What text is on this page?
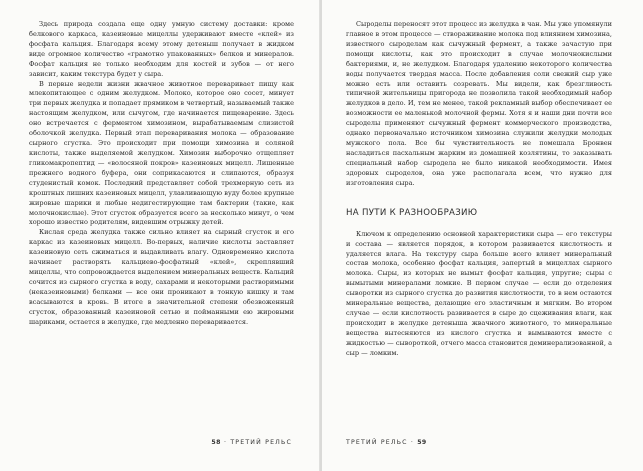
Здесь природа создала еще одну умную систему доставки: кроме белкового каркаса, казеиновые мицеллы удерживают вместе «клей» из фосфата кальция. Благодаря всему этому детеныш получает в жидком виде огромное количество «грамотно упакованных» белков и минералов. Фосфат кальция не только необходим для костей и зубов — от него зависит, каким текстура будет у сыра.

В первые недели жизни жвачное животное переваривает пищу как млекопитающее с одним желудком. Молоко, которое оно сосет, минует три первых желудка и попадает прямиком в четвертый, называемый также настоящим желудком, или сычугом, где начинается пищеварение. Здесь оно встречается с ферментом химозином, вырабатываемым слизистой оболочкой желудка. Первый этап переваривания молока — образование сырного сгустка. Это происходит при помощи химозина и соляной кислоты, также выделяемой желудком. Химозин выборочно отщепляет гликомакропептид — «волосяной покров» казеиновых мицелл. Лишенные прежнего водного буфера, они соприкасаются и слипаются, образуя студенистый комок. Последний представляет собой трехмерную сеть из кроштных лишних казеиновых мицелл, улавливающую вуду более крупные жировые шарики и любые недигестирующие там бактерии (такие, как молочнокислые). Этот сгусток образуется всего за несколько минут, о чем хорошо известно родителям, видевшим отрыжку детей.

Кислая среда желудка также сильно влияет на сырный сгусток и его каркас из казеиновых мицелл. Во-первых, наличие кислоты заставляет казеиновую сеть сжиматься и выдавливать влагу. Одновременно кислота начинает растворять кальциево-фосфатный «клей», скреплявший мицеллы, что сопровождается выделением минеральных веществ. Кальций сочится из сырного сгустка в воду, сахарами и некоторыми растворимыми (неказеиновыми) белками — все они проникают в тонкую кишку и там всасываются в кровь. В итоге в значительной степени обезвоженный сгусток, образованный казеиновой сетью и пойманными ею жировыми шариками, остается в желудке, где медленно переваривается.

58 · ТРЕТИЙ РЕЛЬС

Сыроделы переносят этот процесс из желудка в чан. Мы уже упомянули главное в этом процессе — створаживание молока под влиянием химозина, известного сыроделам как сычужный фермент, а также зачастую при помощи кислоты, как это происходит в случае молочнокислыми бактериями, и, не желудком. Благодаря удалению некоторого количества воды получается твердая масса. После добавления соли свежий сыр уже можно есть или оставить созревать. Мы видели, как брезгливость типичной жительницы пригорода не позволила такой необходимый набор желудков в дело. И, тем не менее, такой рекламный выбор обеспечивает ее возможности ее маленькой молочной фермы. Хотя я и наши дни почти все сыроделы применяют сычужный фермент коммерческого производства, однако первоначально источником химозина служили желудки молодых мужского пола. Все бы чувствительность не помешала Бронвен насладиться пасхальным жарким из домашней козлятины, то заказывать специальный набор сыродела не было никакой необходимости. Имея здоровых сыроделов, она уже располагала всем, что нужно для изготовления сыра.

НА ПУТИ К РАЗНООБРАЗИЮ

Ключом к определению основной характеристики сыра — его текстуры и состава — является порядок, в котором развивается кислотность и удаляется влага. На текстуру сыра больше всего влияет минеральный состав молока, особенно фосфат кальция, запертый в мицеллах сырного молока. Сыры, из которых не вымыт фосфат кальция, упругие; сыры с вымытыми минералами ломкие. В первом случае — если до отделения сыворотки из сырного сгустка до развития кислотности, то в нем остаются минеральные вещества, делающие его эластичным и мягким. Во втором случае — если кислотность развивается в сыре до сцеживания влаги, как происходит в желудке детеныша жвачного животного, то минеральные вещества вытесняются из кислого сгустка и вымываются вместе с жидкостью — сывороткой, отчего масса становится деминерализованной, а сыр — ломким.

ТРЕТИЙ РЕЛЬС · 59
